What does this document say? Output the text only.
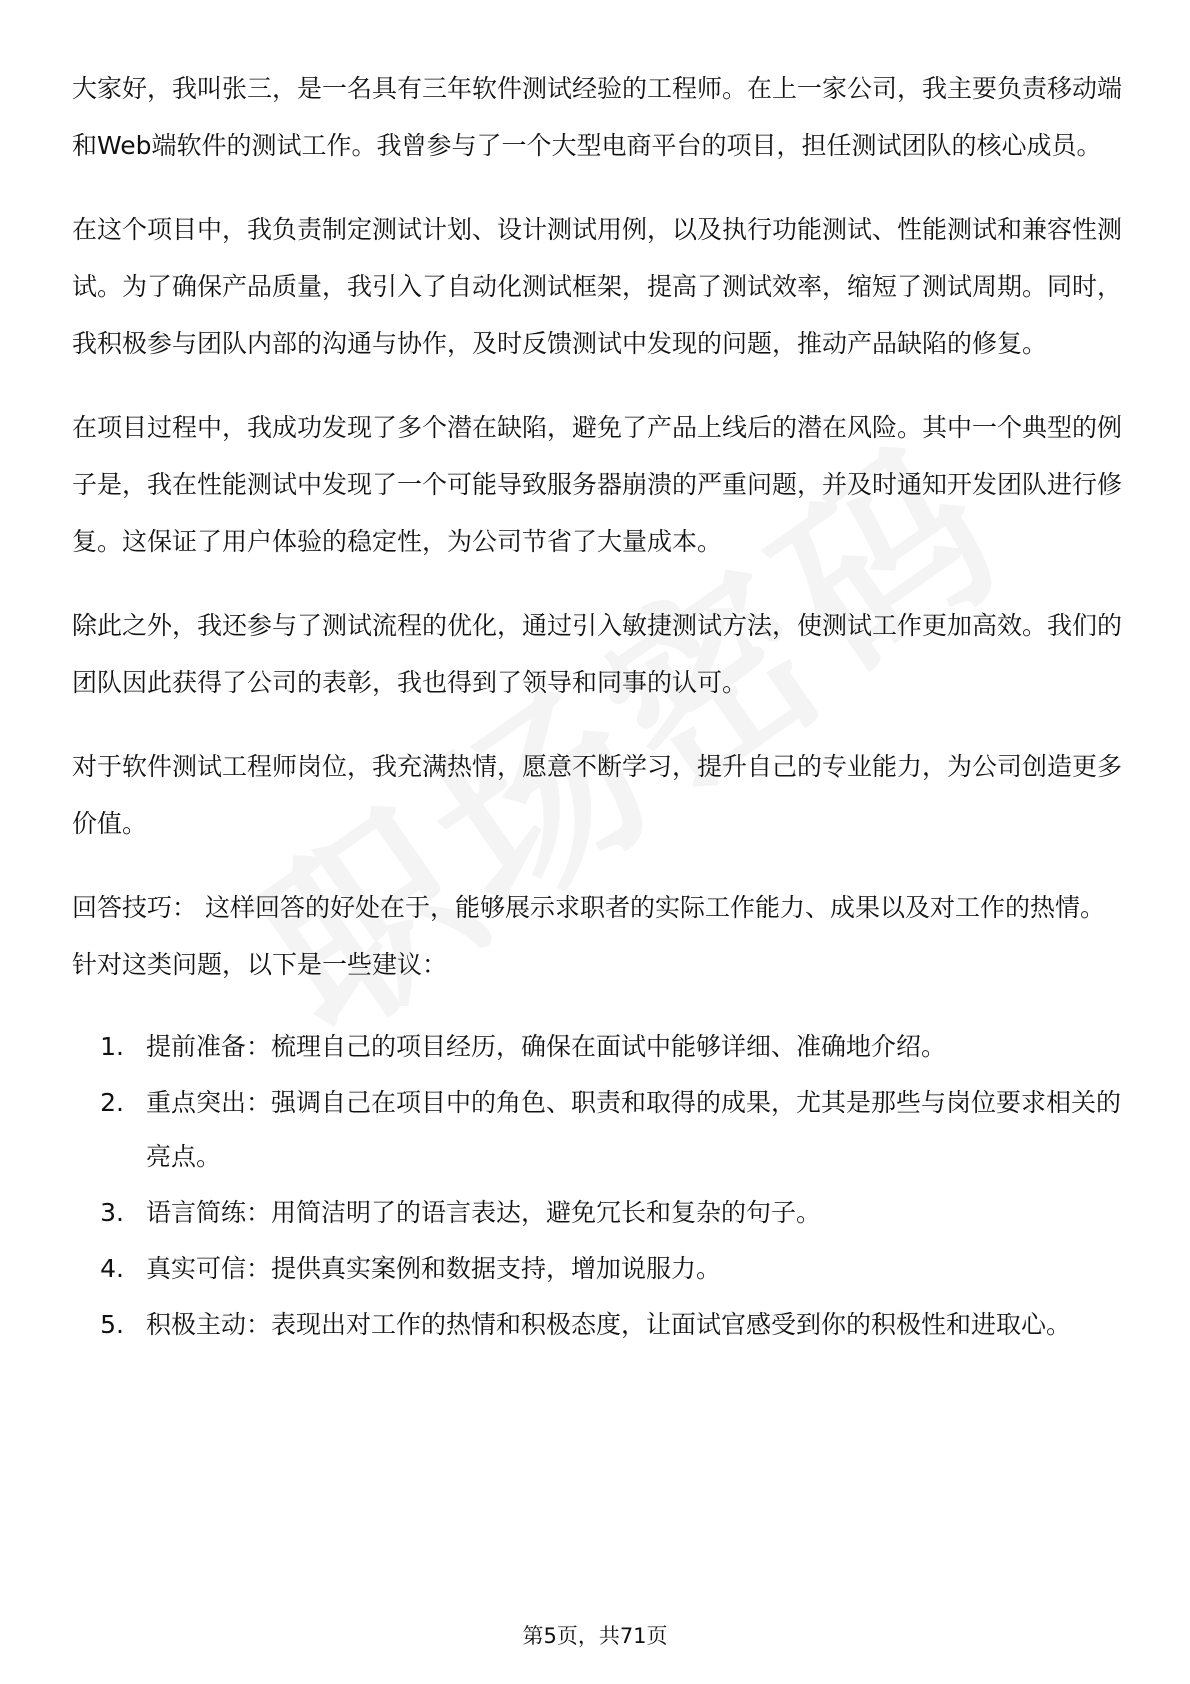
大家好，我叫张三，是一名具有三年软件测试经验的工程师。在上一家公司，我主要负责移动端和Web端软件的测试工作。我曾参与了一个大型电商平台的项目，担任测试团队的核心成员。

在这个项目中，我负责制定测试计划、设计测试用例，以及执行功能测试、性能测试和兼容性测试。为了确保产品质量，我引入了自动化测试框架，提高了测试效率，缩短了测试周期。同时，我积极参与团队内部的沟通与协作，及时反馈测试中发现的问题，推动产品缺陷的修复。

在项目过程中，我成功发现了多个潜在缺陷，避免了产品上线后的潜在风险。其中一个典型的例子是，我在性能测试中发现了一个可能导致服务器崩溃的严重问题，并及时通知开发团队进行修复。这保证了用户体验的稳定性，为公司节省了大量成本。

除此之外，我还参与了测试流程的优化，通过引入敏捷测试方法，使测试工作更加高效。我们的团队因此获得了公司的表彰，我也得到了领导和同事的认可。

对于软件测试工程师岗位，我充满热情，愿意不断学习，提升自己的专业能力，为公司创造更多价值。

回答技巧： 这样回答的好处在于，能够展示求职者的实际工作能力、成果以及对工作的热情。针对这类问题，以下是一些建议：

1. 提前准备：梳理自己的项目经历，确保在面试中能够详细、准确地介绍。
2. 重点突出：强调自己在项目中的角色、职责和取得的成果，尤其是那些与岗位要求相关的亮点。
3. 语言简练：用简洁明了的语言表达，避免冗长和复杂的句子。
4. 真实可信：提供真实案例和数据支持，增加说服力。
5. 积极主动：表现出对工作的热情和积极态度，让面试官感受到你的积极性和进取心。
第5页，共71页
